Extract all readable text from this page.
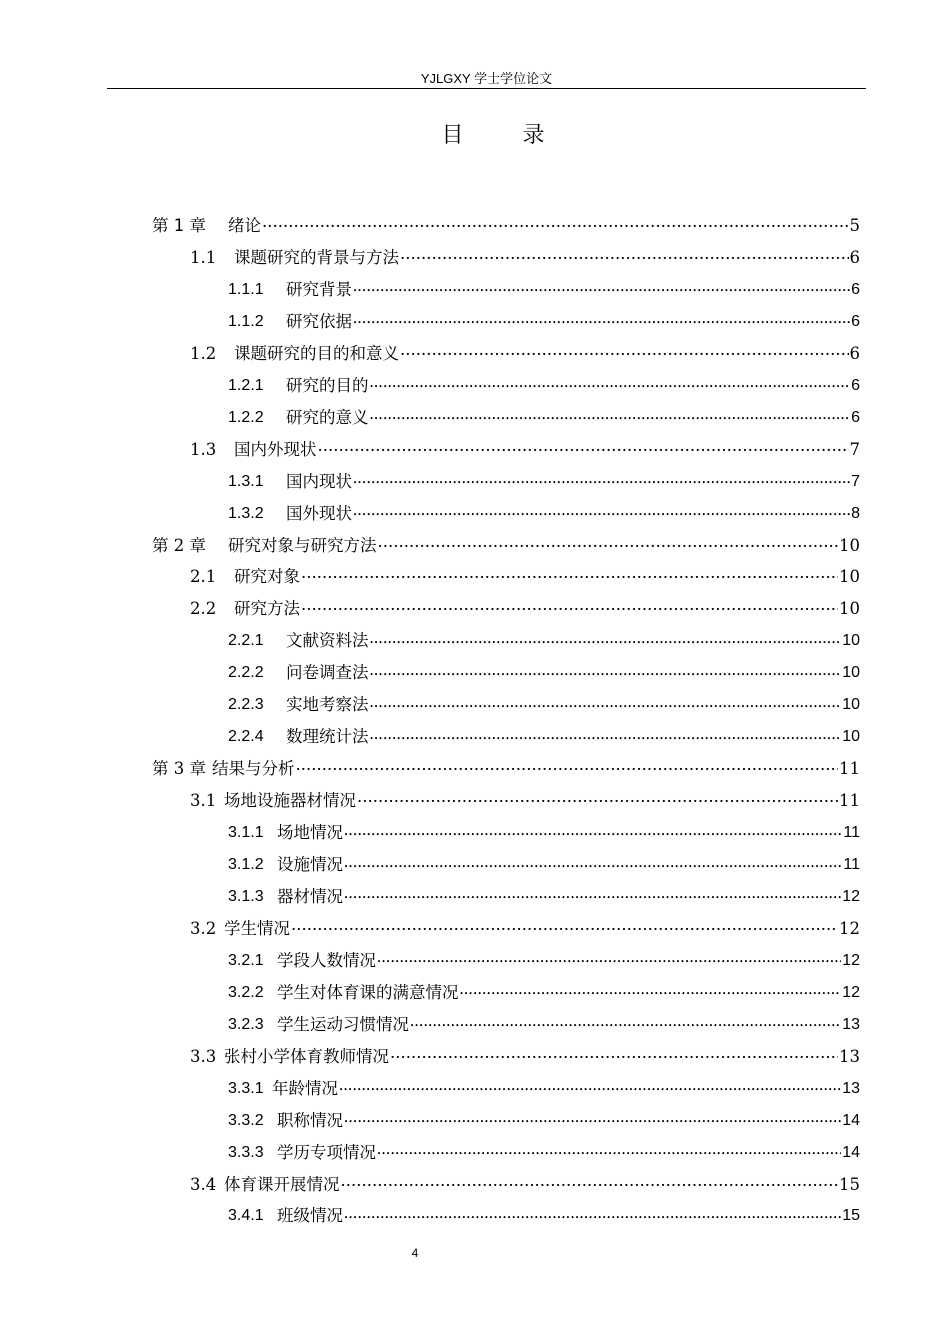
YJLGXY 学士学位论文
目 录
第 1 章	绪论 ·····	5
1.1	课题研究的背景与方法 ·····	6
1.1.1	研究背景 •••••	6
1.1.2	研究依据 •••••	6
1.2	课题研究的目的和意义 ·····	6
1.2.1	研究的目的 •••••	6
1.2.2	研究的意义 •••••	6
1.3	国内外现状 ·····	7
1.3.1	国内现状 •••••	7
1.3.2	国外现状 •••••	8
第 2 章	研究对象与研究方法 ·····	10
2.1	研究对象 ·····	10
2.2	研究方法 ·····	10
2.2.1	文献资料法 •••••	10
2.2.2	问卷调查法 •••••	10
2.2.3	实地考察法 •••••	10
2.2.4	数理统计法 •••••	10
第 3 章 结果与分析 ·····	11
3.1 场地设施器材情况 ·····	11
3.1.1 场地情况 •••••	11
3.1.2 设施情况 •••••	11
3.1.3 器材情况 •••••	12
3.2 学生情况 ·····	12
3.2.1 学段人数情况 •••••	12
3.2.2 学生对体育课的满意情况 •••••	12
3.2.3 学生运动习惯情况 •••••	13
3.3 张村小学体育教师情况 ·····	13
3.3.1 年龄情况 •••••	13
3.3.2 职称情况 •••••	14
3.3.3 学历专项情况 •••••	14
3.4 体育课开展情况 ·····	15
3.4.1 班级情况 •••••	15
4
